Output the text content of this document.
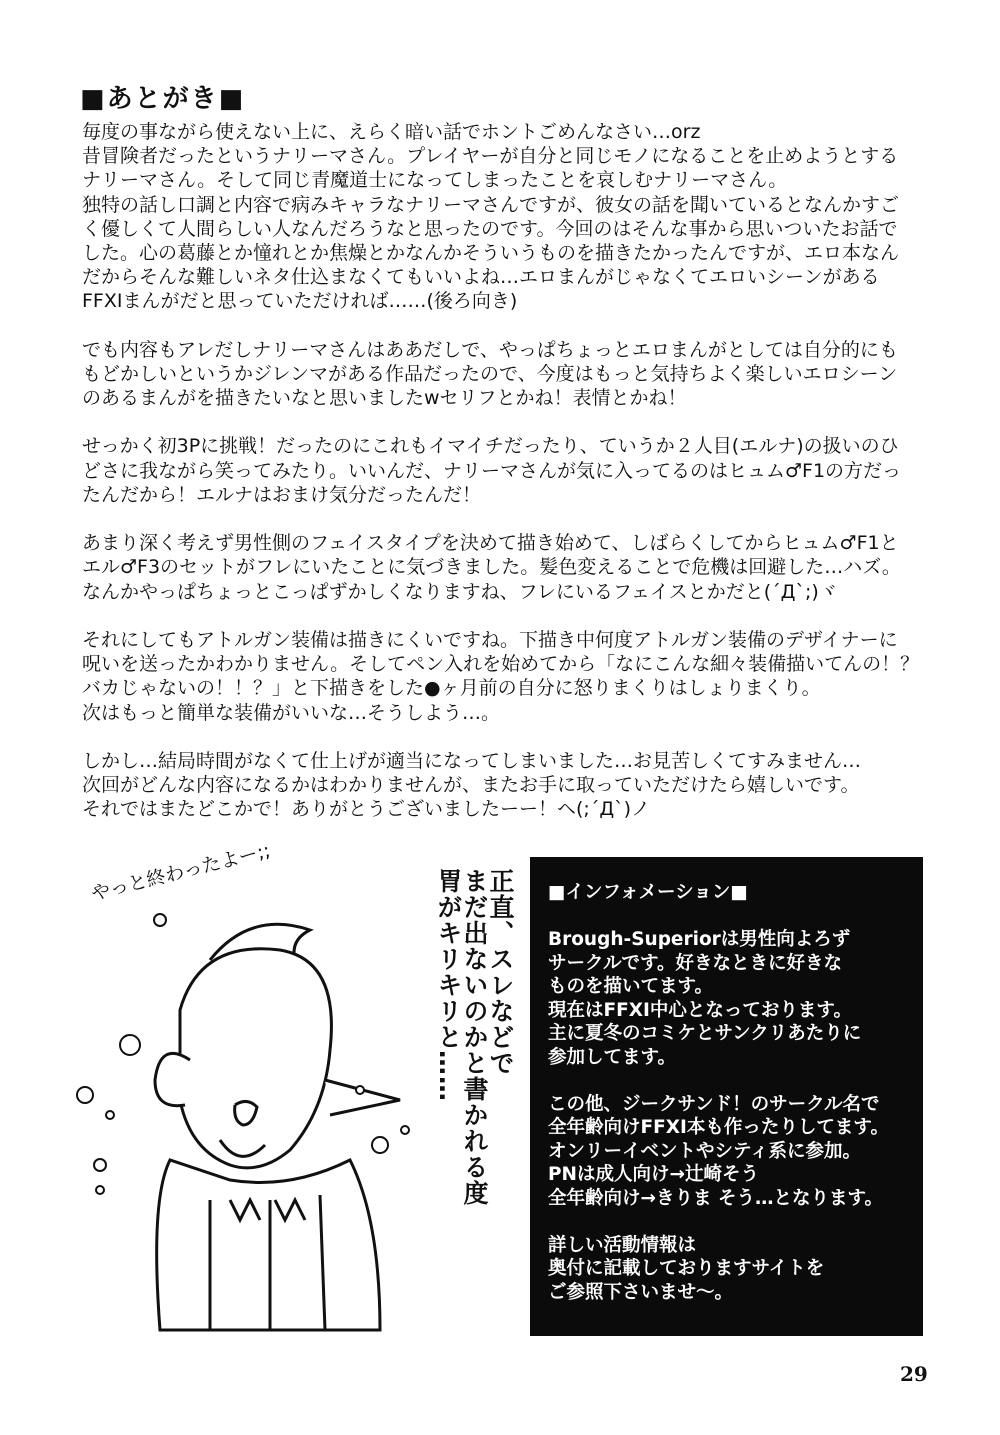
■あとがき■
毎度の事ながら使えない上に、えらく暗い話でホントごめんなさい…orz
昔冒険者だったというナリーマさん。プレイヤーが自分と同じモノになることを止めようとする
ナリーマさん。そして同じ青魔道士になってしまったことを哀しむナリーマさん。
独特の話し口調と内容で病みキャラなナリーマさんですが、彼女の話を聞いているとなんかすご
く優しくて人間らしい人なんだろうなと思ったのです。今回のはそんな事から思いついたお話で
した。心の葛藤とか憧れとか焦燥とかなんかそういうものを描きたかったんですが、エロ本なん
だからそんな難しいネタ仕込まなくてもいいよね…エロまんがじゃなくてエロいシーンがある
FFXIまんがだと思っていただければ……(後ろ向き)
でも内容もアレだしナリーマさんはああだしで、やっぱちょっとエロまんがとしては自分的にも
もどかしいというかジレンマがある作品だったので、今度はもっと気持ちよく楽しいエロシーン
のあるまんがを描きたいなと思いましたwセリフとかね！表情とかね！
せっかく初3Pに挑戦！だったのにこれもイマイチだったり、ていうか２人目(エルナ)の扱いのひ
どさに我ながら笑ってみたり。いいんだ、ナリーマさんが気に入ってるのはヒュム♂F1の方だっ
たんだから！エルナはおまけ気分だったんだ！
あまり深く考えず男性側のフェイスタイプを決めて描き始めて、しばらくしてからヒュム♂F1と
エル♂F3のセットがフレにいたことに気づきました。髪色変えることで危機は回避した…ハズ。
なんかやっぱちょっとこっぱずかしくなりますね、フレにいるフェイスとかだと(´Д`;)ヾ
それにしてもアトルガン装備は描きにくいですね。下描き中何度アトルガン装備のデザイナーに
呪いを送ったかわかりません。そしてペン入れを始めてから「なにこんな細々装備描いてんの！？
バカじゃないの！！？」と下描きをした●ヶ月前の自分に怒りまくりはしょりまくり。
次はもっと簡単な装備がいいな…そうしよう…。
しかし…結局時間がなくて仕上げが適当になってしまいました…お見苦しくてすみません…
次回がどんな内容になるかはわかりませんが、またお手に取っていただけたら嬉しいです。
それではまたどこかで！ありがとうございましたーー！ヘ(;´Д`)ノ
やっと終わったよー;;	正直、スレなどで
まだ出ないのかと書かれる度
胃がキリキリと……	■インフォメーション■
Brough-Superiorは男性向よろず
サークルです。好きなときに好きな
ものを描いてます。
現在はFFXI中心となっております。
主に夏冬のコミケとサンクリあたりに
参加してます。
この他、ジークサンド！のサークル名で
全年齢向けFFXI本も作ったりしてます。
オンリーイベントやシティ系に参加。
PNは成人向け→辻崎そう
全年齢向け→きりま そう…となります。
詳しい活動情報は
奥付に記載しておりますサイトを
ご参照下さいませ～。
29
